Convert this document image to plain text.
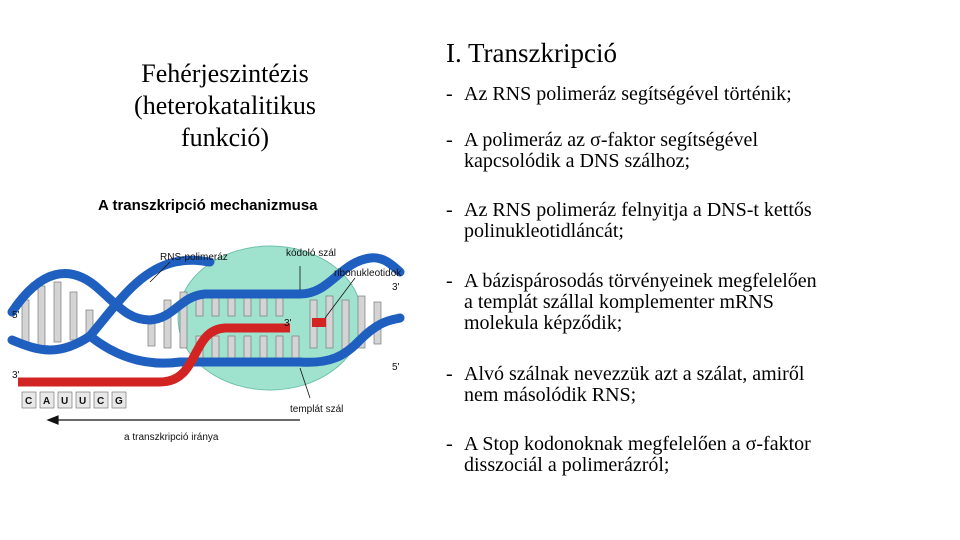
Fehérjeszintézis
(heterokatalitikus
funkció)
I. Transzkripció
- Az RNS polimeráz segítségével történik;
- A polimeráz az σ-faktor segítségével
kapcsolódik a DNS szálhoz;
- Az RNS polimeráz felnyitja a DNS-t kettős
polinukleotidláncát;
- A bázispárosodás törvényeinek megfelelően
a templát szállal komplementer mRNS
molekula képződik;
- Alvó szálnak nevezzük azt a szálat, amiről
nem másolódik RNS;
- A Stop kodonoknak megfelelően a σ-faktor
disszociál a polimerázról;
A transzkripció mechanizmusa
C A U U C G
RNS-polimeráz	kódoló szál
ribonukleotidok
templát szál
a transzkripció iránya
5'
3'
3'
5'
3'
